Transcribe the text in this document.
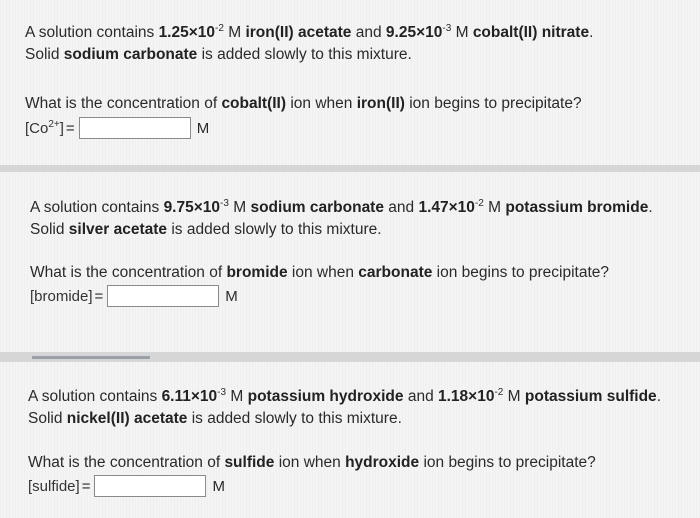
A solution contains $1.25\times 10^{-2}$ M iron(II) acetate and $9.25\times 10^{-3}$ M cobalt(II) nitrate.
Solid sodium carbonate is added slowly to this mixture.
What is the concentration of cobalt(II) ion when iron(II) ion begins to precipitate?
$[Co^{2+}]$ =	M
A solution contains $9.75\times 10^{-3}$ M sodium carbonate and $1.47\times 10^{-2}$ M potassium bromide.
Solid silver acetate is added slowly to this mixture.
What is the concentration of bromide ion when carbonate ion begins to precipitate?
[bromide] =	M
A solution contains $6.11\times 10^{-3}$ M potassium hydroxide and $1.18\times 10^{-2}$ M potassium sulfide.
Solid nickel(II) acetate is added slowly to this mixture.
What is the concentration of sulfide ion when hydroxide ion begins to precipitate?
[sulfide] =	M
